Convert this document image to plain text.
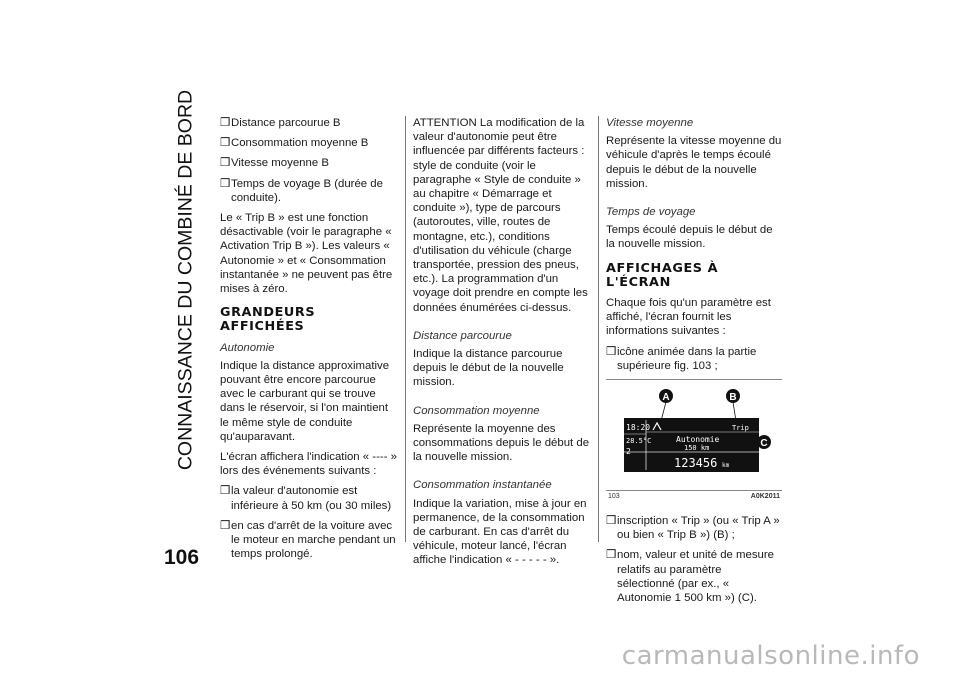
CONNAISSANCE DU COMBINÉ DE BORD
106
❒Distance parcourue B
❒Consommation moyenne B
❒Vitesse moyenne B
❒Temps de voyage B (durée de conduite).

Le « Trip B » est une fonction désactivable (voir le paragraphe « Activation Trip B »). Les valeurs « Autonomie » et « Consommation instantanée » ne peuvent pas être mises à zéro.

GRANDEURS AFFICHÉES

Autonomie

Indique la distance approximative pouvant être encore parcourue avec le carburant qui se trouve dans le réservoir, si l'on maintient le même style de conduite qu'auparavant.

L'écran affichera l'indication « ---- » lors des événements suivants :

❒la valeur d'autonomie est inférieure à 50 km (ou 30 miles)
❒en cas d'arrêt de la voiture avec le moteur en marche pendant un temps prolongé.

ATTENTION La modification de la valeur d'autonomie peut être influencée par différents facteurs : style de conduite (voir le paragraphe « Style de conduite » au chapitre « Démarrage et conduite »), type de parcours (autoroutes, ville, routes de montagne, etc.), conditions d'utilisation du véhicule (charge transportée, pression des pneus, etc.). La programmation d'un voyage doit prendre en compte les données énumérées ci-dessus.

Distance parcourue

Indique la distance parcourue depuis le début de la nouvelle mission.

Consommation moyenne

Représente la moyenne des consommations depuis le début de la nouvelle mission.

Consommation instantanée

Indique la variation, mise à jour en permanence, de la consommation de carburant. En cas d'arrêt du véhicule, moteur lancé, l'écran affiche l'indication « - - - - - ».

Vitesse moyenne

Représente la vitesse moyenne du véhicule d'après le temps écoulé depuis le début de la nouvelle mission.

Temps de voyage

Temps écoulé depuis le début de la nouvelle mission.

AFFICHAGES À L'ÉCRAN

Chaque fois qu'un paramètre est affiché, l'écran fournit les informations suivantes :

❒icône animée dans la partie supérieure fig. 103 ;
18:20
28.5°C
2
Trip
Autonomie
150 km
123456 km
A	B
C
103	A0K2011
❒inscription « Trip » (ou « Trip A » ou bien « Trip B ») (B) ;
❒nom, valeur et unité de mesure relatifs au paramètre sélectionné (par ex., « Autonomie 1 500 km ») (C).
carmanualsonline.info
